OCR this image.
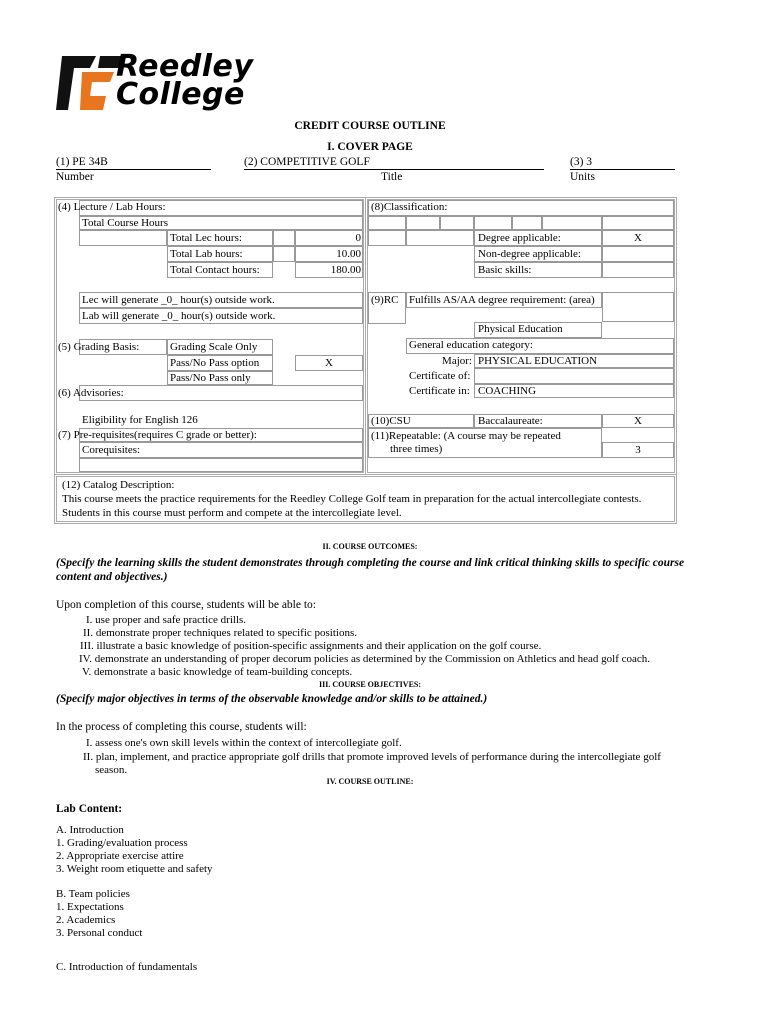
Reedley
College
CREDIT COURSE OUTLINE
I. COVER PAGE
(1) PE 34B
Number
(2) COMPETITIVE GOLF
Title
(3) 3
Units
(4) Lecture / Lab Hours:
Total Course Hours
Total Lec hours:	0
Total Lab hours:	10.00
Total Contact hours:	180.00
Lec will generate _0_ hour(s) outside work.
Lab will generate _0_ hour(s) outside work.
(5) Grading Basis:	Grading Scale Only
Pass/No Pass option	X
Pass/No Pass only
(6) Advisories:
Eligibility for English 126
(7) Pre-requisites(requires C grade or better):
Corequisites:
(8)Classification:
Degree applicable:	X
Non-degree applicable:
Basic skills:
(9)RC Fulfills AS/AA degree requirement: (area)
Physical Education
General education category:
Major: PHYSICAL EDUCATION
Certificate of:
Certificate in: COACHING
(10)CSU	Baccalaureate:	X
(11)Repeatable: (A course may be repeated
three times)	3
(12) Catalog Description:
This course meets the practice requirements for the Reedley College Golf team in preparation for the actual intercollegiate contests.
Students in this course must perform and compete at the intercollegiate level.
II. COURSE OUTCOMES:
(Specify the learning skills the student demonstrates through completing the course and link critical thinking skills to specific course
content and objectives.)
Upon completion of this course, students will be able to:
I. use proper and safe practice drills.
II. demonstrate proper techniques related to specific positions.
III. illustrate a basic knowledge of position-specific assignments and their application on the golf course.
IV. demonstrate an understanding of proper decorum policies as determined by the Commission on Athletics and head golf coach.
V. demonstrate a basic knowledge of team-building concepts.
III. COURSE OBJECTIVES:
(Specify major objectives in terms of the observable knowledge and/or skills to be attained.)
In the process of completing this course, students will:
I. assess one's own skill levels within the context of intercollegiate golf.
II. plan, implement, and practice appropriate golf drills that promote improved levels of performance during the intercollegiate golf
season.
IV. COURSE OUTLINE:
Lab Content:
A. Introduction
1. Grading/evaluation process
2. Appropriate exercise attire
3. Weight room etiquette and safety
B. Team policies
1. Expectations
2. Academics
3. Personal conduct
C. Introduction of fundamentals
